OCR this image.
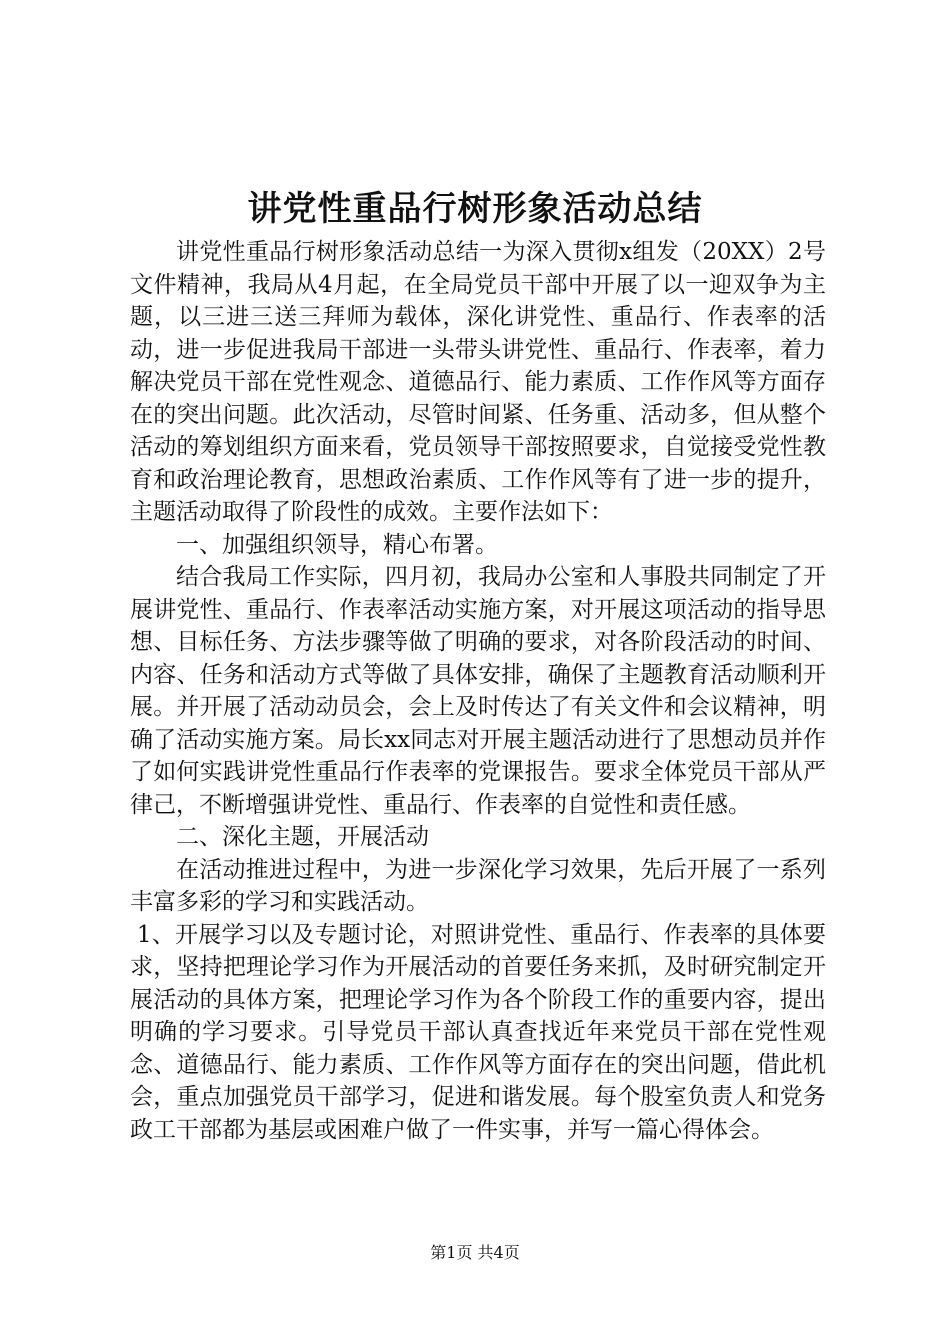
讲党性重品行树形象活动总结

讲党性重品行树形象活动总结一为深入贯彻x组发（20XX）2号文件精神，我局从4月起，在全局党员干部中开展了以一迎双争为主题，以三进三送三拜师为载体，深化讲党性、重品行、作表率的活动，进一步促进我局干部进一头带头讲党性、重品行、作表率，着力解决党员干部在党性观念、道德品行、能力素质、工作作风等方面存在的突出问题。此次活动，尽管时间紧、任务重、活动多，但从整个活动的筹划组织方面来看，党员领导干部按照要求，自觉接受党性教育和政治理论教育，思想政治素质、工作作风等有了进一步的提升，主题活动取得了阶段性的成效。主要作法如下：

一、加强组织领导，精心布署。

结合我局工作实际，四月初，我局办公室和人事股共同制定了开展讲党性、重品行、作表率活动实施方案，对开展这项活动的指导思想、目标任务、方法步骤等做了明确的要求，对各阶段活动的时间、内容、任务和活动方式等做了具体安排，确保了主题教育活动顺利开展。并开展了活动动员会，会上及时传达了有关文件和会议精神，明确了活动实施方案。局长xx同志对开展主题活动进行了思想动员并作了如何实践讲党性重品行作表率的党课报告。要求全体党员干部从严律己，不断增强讲党性、重品行、作表率的自觉性和责任感。

二、深化主题，开展活动

在活动推进过程中，为进一步深化学习效果，先后开展了一系列丰富多彩的学习和实践活动。

1、开展学习以及专题讨论，对照讲党性、重品行、作表率的具体要求，坚持把理论学习作为开展活动的首要任务来抓，及时研究制定开展活动的具体方案，把理论学习作为各个阶段工作的重要内容，提出明确的学习要求。引导党员干部认真查找近年来党员干部在党性观念、道德品行、能力素质、工作作风等方面存在的突出问题，借此机会，重点加强党员干部学习，促进和谐发展。每个股室负责人和党务政工干部都为基层或困难户做了一件实事，并写一篇心得体会。

第1页 共4页
